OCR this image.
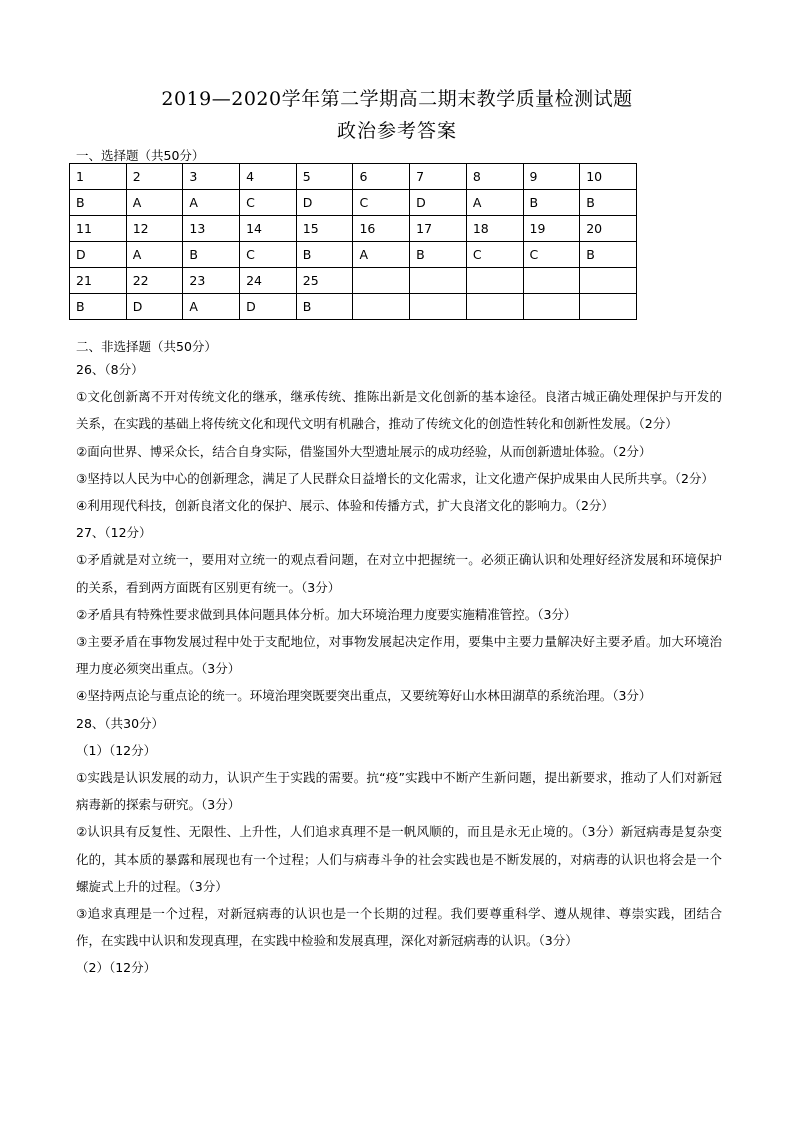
2019—2020学年第二学期高二期末教学质量检测试题
政治参考答案
一、选择题（共50分）
1	2	3	4	5	6	7	8	9	10
B	A	A	C	D	C	D	A	B	B
11	12	13	14	15	16	17	18	19	20
D	A	B	C	B	A	B	C	C	B
21	22	23	24	25					
B	D	A	D	B					
二、非选择题（共50分）

26、（8分）

①文化创新离不开对传统文化的继承，继承传统、推陈出新是文化创新的基本途径。良渚古城正确处理保护与开发的关系，在实践的基础上将传统文化和现代文明有机融合，推动了传统文化的创造性转化和创新性发展。（2分）

②面向世界、博采众长，结合自身实际，借鉴国外大型遗址展示的成功经验，从而创新遗址体验。（2分）

③坚持以人民为中心的创新理念，满足了人民群众日益增长的文化需求，让文化遗产保护成果由人民所共享。（2分）

④利用现代科技，创新良渚文化的保护、展示、体验和传播方式，扩大良渚文化的影响力。（2分）

27、（12分）

①矛盾就是对立统一，要用对立统一的观点看问题，在对立中把握统一。必须正确认识和处理好经济发展和环境保护的关系，看到两方面既有区别更有统一。（3分）

②矛盾具有特殊性要求做到具体问题具体分析。加大环境治理力度要实施精准管控。（3分）

③主要矛盾在事物发展过程中处于支配地位，对事物发展起决定作用，要集中主要力量解决好主要矛盾。加大环境治理力度必须突出重点。（3分）

④坚持两点论与重点论的统一。环境治理突既要突出重点，又要统筹好山水林田湖草的系统治理。（3分）

28、（共30分）

（1）（12分）

①实践是认识发展的动力，认识产生于实践的需要。抗“疫”实践中不断产生新问题，提出新要求，推动了人们对新冠病毒新的探索与研究。（3分）

②认识具有反复性、无限性、上升性，人们追求真理不是一帆风顺的，而且是永无止境的。（3分）新冠病毒是复杂变化的，其本质的暴露和展现也有一个过程；人们与病毒斗争的社会实践也是不断发展的，对病毒的认识也将会是一个螺旋式上升的过程。（3分）

③追求真理是一个过程，对新冠病毒的认识也是一个长期的过程。我们要尊重科学、遵从规律、尊崇实践，团结合作，在实践中认识和发现真理，在实践中检验和发展真理，深化对新冠病毒的认识。（3分）

（2）（12分）
